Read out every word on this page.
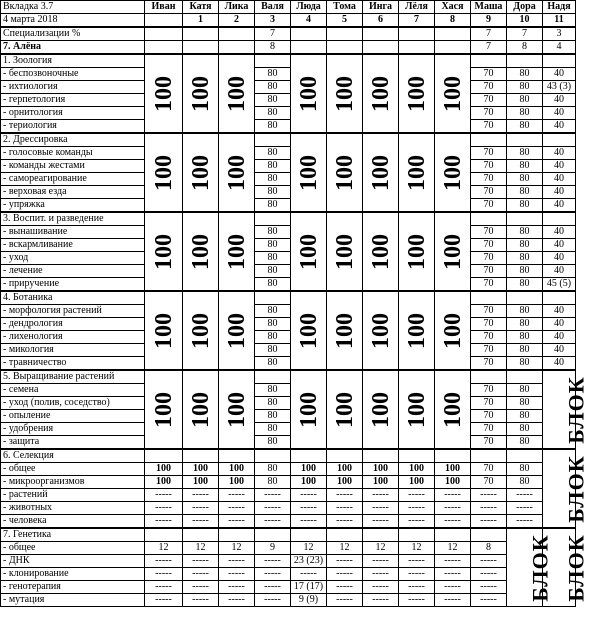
Вкладка 3.7	Иван	Катя	Лика	Валя	Люда	Тома	Инга	Лёля	Хася	Маша	Дора	Надя
4 марта 2018		1	2	3	4	5	6	7	8	9	10	11
Специализации %				7						7	7	3
7. Алёна				8						7	8	4
1. Зоология	100	100	100		100	100	100	100	100			
- беспозвоночные				80						70	80	40
- ихтиология				80						70	80	43 (3)
- герпетология				80						70	80	40
- орнитология				80						70	80	40
- териология				80						70	80	40
2. Дрессировка	100	100	100		100	100	100	100	100			
- голосовые команды				80						70	80	40
- команды жестами				80						70	80	40
- самореагирование				80						70	80	40
- верховая езда				80						70	80	40
- упряжка				80						70	80	40
3. Воспит. и разведение	100	100	100		100	100	100	100	100			
- вынашивание				80						70	80	40
- вскармливание				80						70	80	40
- уход				80						70	80	40
- лечение				80						70	80	40
- приручение				80						70	80	45 (5)
4. Ботаника	100	100	100		100	100	100	100	100			
- морфология растений				80						70	80	40
- дендрология				80						70	80	40
- лихенология				80						70	80	40
- микология				80						70	80	40
- травничество				80						70	80	40
5. Выращивание растений	100	100	100		100	100	100	100	100			БЛОК
- семена				80						70	80	
- уход (полив, соседство)				80						70	80	
- опыление				80						70	80	
- удобрения				80						70	80	
- защита				80						70	80	
6. Селекция												БЛОК
- общее	100	100	100	80	100	100	100	100	100	70	80	
- микроорганизмов	100	100	100	80	100	100	100	100	100	70	80	
- растений	-----	-----	-----	-----	-----	-----	-----	-----	-----	-----	-----	
- животных	-----	-----	-----	-----	-----	-----	-----	-----	-----	-----	-----	
- человека	-----	-----	-----	-----	-----	-----	-----	-----	-----	-----	-----	
7. Генетика											БЛОК	БЛОК
- общее	12	12	12	9	12	12	12	12	12	8		
- ДНК	-----	-----	-----	-----	23 (23)	-----	-----	-----	-----	-----		
- клонирование	-----	-----	-----	-----	-----	-----	-----	-----	-----	-----		
- генотерапия	-----	-----	-----	-----	17 (17)	-----	-----	-----	-----	-----		
- мутация	-----	-----	-----	-----	9 (9)	-----	-----	-----	-----	-----		
